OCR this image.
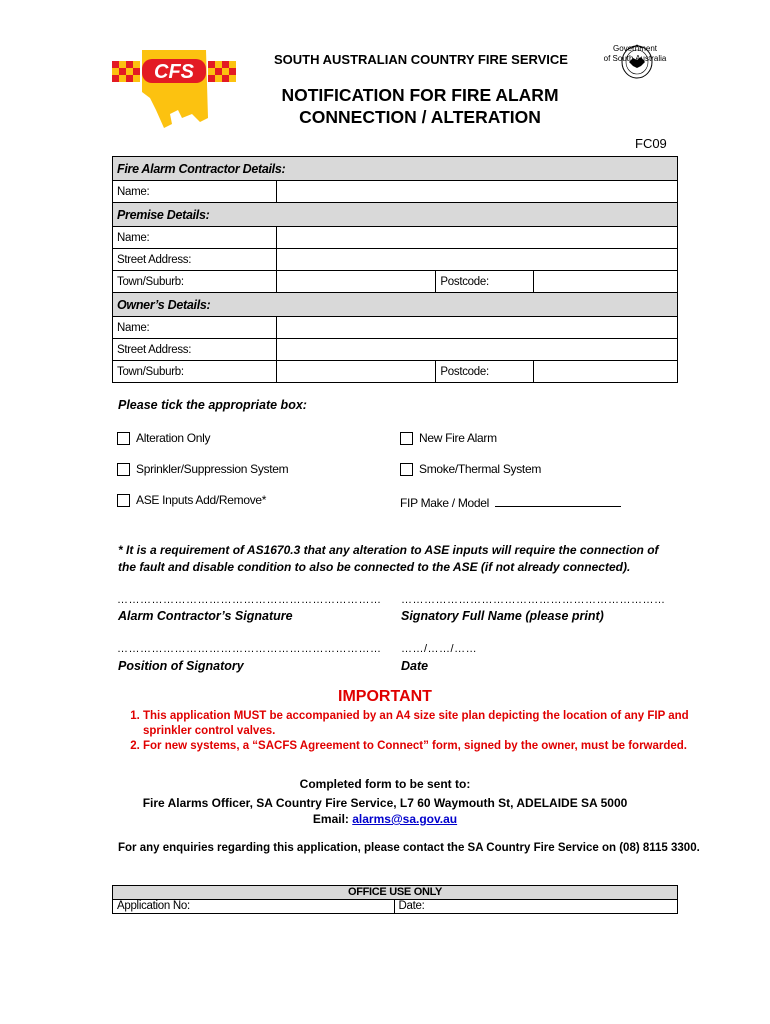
CFS
SOUTH AUSTRALIAN COUNTRY FIRE SERVICE
NOTIFICATION FOR FIRE ALARM
CONNECTION / ALTERATION
Government
of South Australia
FC09
Fire Alarm Contractor Details:			
Name:			
Premise Details:			
Name:			
Street Address:			
Town/Suburb:		Postcode:	
Owner’s Details:			
Name:			
Street Address:			
Town/Suburb:		Postcode:	
Please tick the appropriate box:
Alteration Only	New Fire Alarm
Sprinkler/Suppression System	Smoke/Thermal System
ASE Inputs Add/Remove*	FIP Make / Model
* It is a requirement of AS1670.3 that any alteration to ASE inputs will require the connection of the fault and disable condition to also be connected to the ASE (if not already connected).
…………………………………………………………… ……………………………………………………………
Alarm Contractor’s Signature	Signatory Full Name (please print)
…………………………………………………………… ……/……/……
Position of Signatory	Date
IMPORTANT
1. This application MUST be accompanied by an A4 size site plan depicting the location of any FIP and sprinkler control valves.
2. For new systems, a “SACFS Agreement to Connect” form, signed by the owner, must be forwarded.
Completed form to be sent to:
Fire Alarms Officer, SA Country Fire Service, L7 60 Waymouth St, ADELAIDE SA 5000
Email: alarms@sa.gov.au
For any enquiries regarding this application, please contact the SA Country Fire Service on (08) 8115 3300.
OFFICE USE ONLY
Application No:	Date:
